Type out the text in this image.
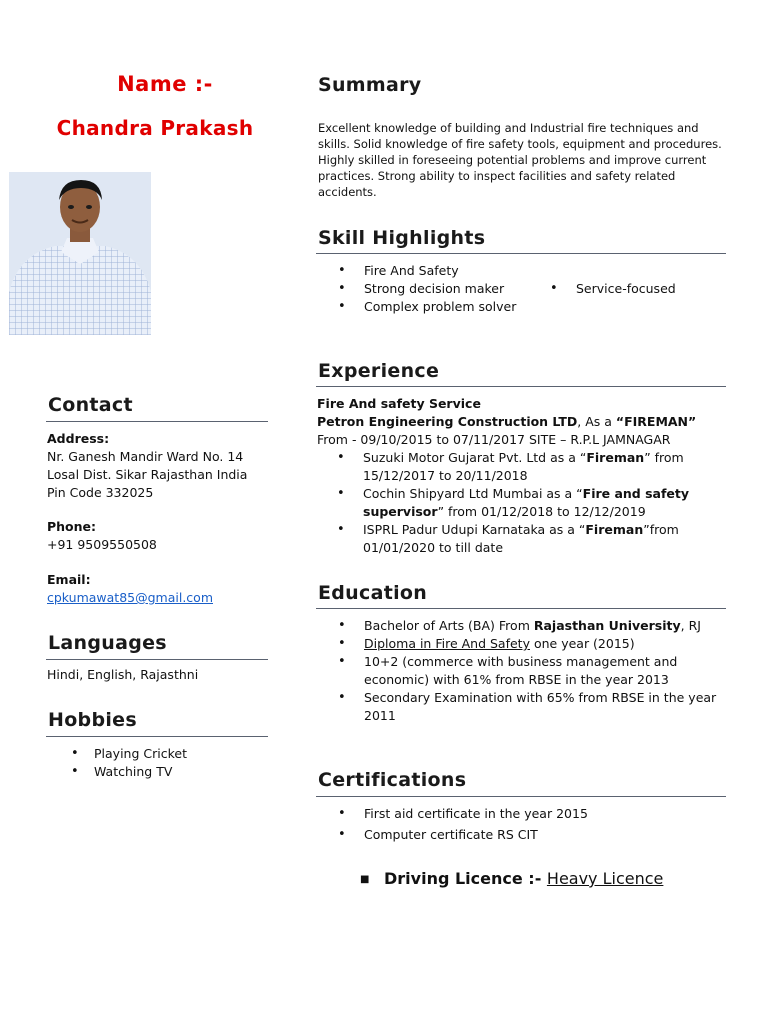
Name :-
Chandra Prakash
Contact
Address:
Nr. Ganesh Mandir Ward No. 14
Losal Dist. Sikar Rajasthan India
Pin Code 332025
Phone:
+91 9509550508
Email:
cpkumawat85@gmail.com
Languages
Hindi, English, Rajasthni
Hobbies
• Playing Cricket
• Watching TV
Summary
Excellent knowledge of building and Industrial fire techniques and skills. Solid knowledge of fire safety tools, equipment and procedures. Highly skilled in foreseeing potential problems and improve current practices. Strong ability to inspect facilities and safety related accidents.
Skill Highlights
• Fire And Safety
• Strong decision maker
• Complex problem solver
• Service-focused
Experience
Fire And safety Service
Petron Engineering Construction LTD, As a “FIREMAN” From - 09/10/2015 to 07/11/2017 SITE – R.P.L JAMNAGAR
• Suzuki Motor Gujarat Pvt. Ltd as a “Fireman” from 15/12/2017 to 20/11/2018
• Cochin Shipyard Ltd Mumbai as a “Fire and safety supervisor” from 01/12/2018 to 12/12/2019
• ISPRL Padur Udupi Karnataka as a “Fireman”from 01/01/2020 to till date
Education
• Bachelor of Arts (BA) From Rajasthan University, RJ
• Diploma in Fire And Safety one year (2015)
• 10+2 (commerce with business management and economic) with 61% from RBSE in the year 2013
• Secondary Examination with 65% from RBSE in the year 2011
Certifications
• First aid certificate in the year 2015
• Computer certificate RS CIT
■ Driving Licence :- Heavy Licence
